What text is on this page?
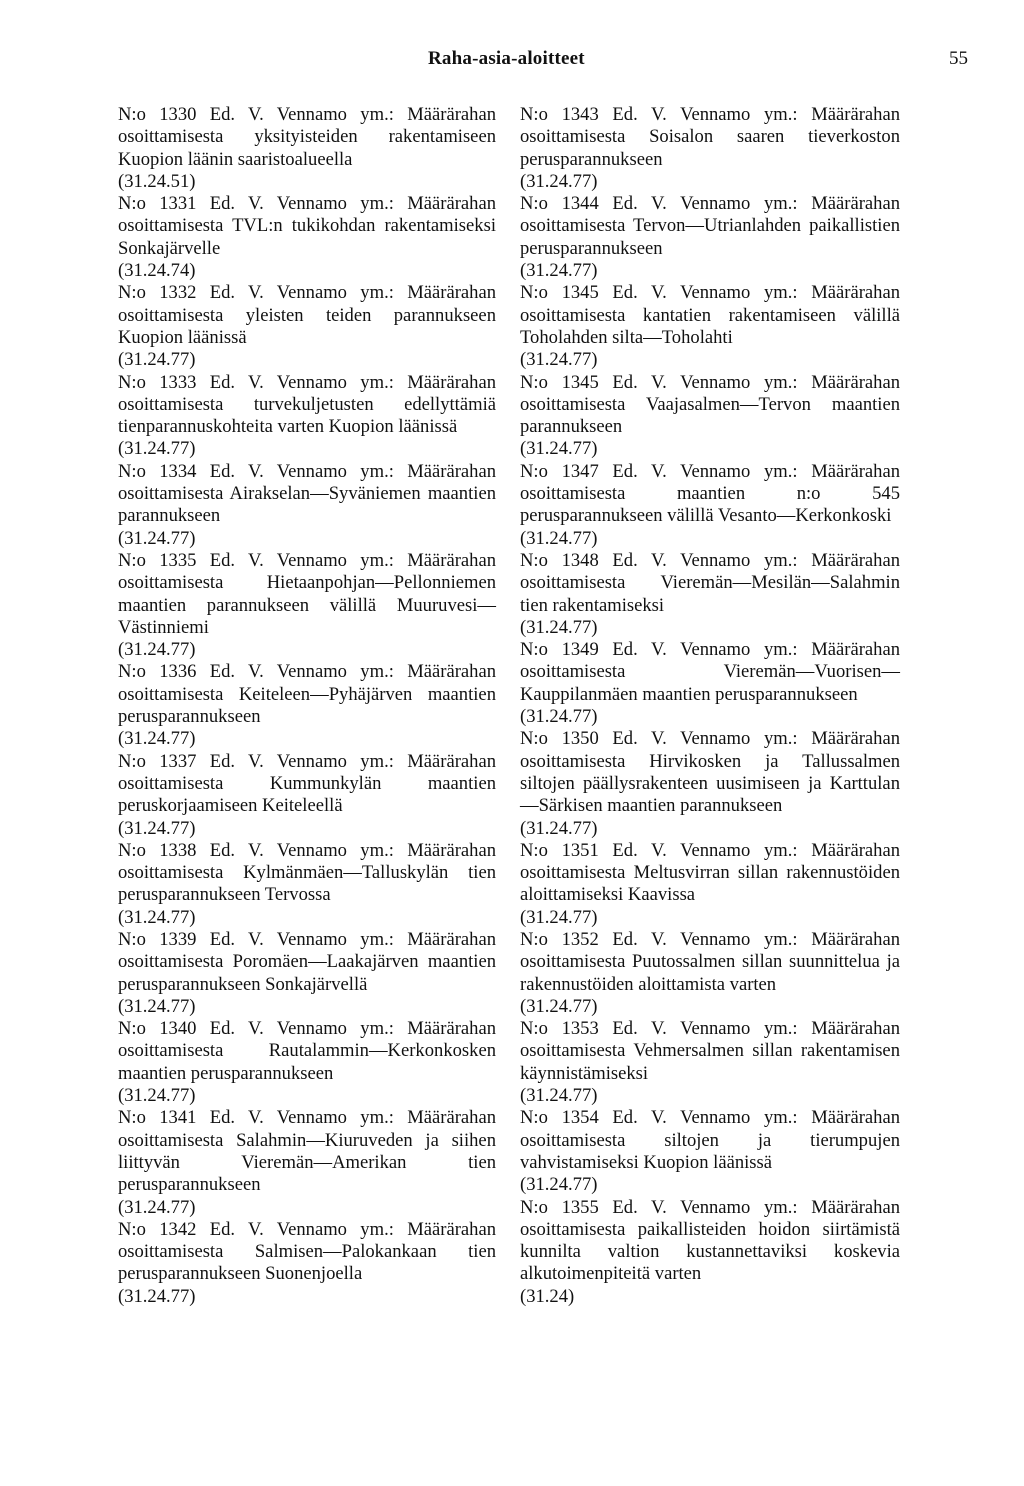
Raha-asia-aloitteet	55

N:o 1330 Ed. V. Vennamo ym.: Määrärahan osoittamisesta yksityisteiden rakentamiseen Kuopion läänin saaristoalueella

(31.24.51)

N:o 1331 Ed. V. Vennamo ym.: Määrärahan osoittamisesta TVL:n tukikohdan rakentamiseksi Sonkajärvelle

(31.24.74)

N:o 1332 Ed. V. Vennamo ym.: Määrärahan osoittamisesta yleisten teiden parannukseen Kuopion läänissä

(31.24.77)

N:o 1333 Ed. V. Vennamo ym.: Määrärahan osoittamisesta turvekuljetusten edellyttämiä tienparannuskohteita varten Kuopion läänissä

(31.24.77)

N:o 1334 Ed. V. Vennamo ym.: Määrärahan osoittamisesta Airakselan—Syväniemen maantien parannukseen

(31.24.77)

N:o 1335 Ed. V. Vennamo ym.: Määrärahan osoittamisesta Hietaanpohjan—Pellonniemen maantien parannukseen välillä Muuruvesi—Västinniemi

(31.24.77)

N:o 1336 Ed. V. Vennamo ym.: Määrärahan osoittamisesta Keiteleen—Pyhäjärven maantien perusparannukseen

(31.24.77)

N:o 1337 Ed. V. Vennamo ym.: Määrärahan osoittamisesta Kummunkylän maantien peruskorjaamiseen Keiteleellä

(31.24.77)

N:o 1338 Ed. V. Vennamo ym.: Määrärahan osoittamisesta Kylmänmäen—Talluskylän tien perusparannukseen Tervossa

(31.24.77)

N:o 1339 Ed. V. Vennamo ym.: Määrärahan osoittamisesta Poromäen—Laakajärven maantien perusparannukseen Sonkajärvellä

(31.24.77)

N:o 1340 Ed. V. Vennamo ym.: Määrärahan osoittamisesta Rautalammin—Kerkonkosken maantien perusparannukseen

(31.24.77)

N:o 1341 Ed. V. Vennamo ym.: Määrärahan osoittamisesta Salahmin—Kiuruveden ja siihen liittyvän Vieremän—Amerikan tien perusparannukseen

(31.24.77)

N:o 1342 Ed. V. Vennamo ym.: Määrärahan osoittamisesta Salmisen—Palokankaan tien perusparannukseen Suonenjoella

(31.24.77)

N:o 1343 Ed. V. Vennamo ym.: Määrärahan osoittamisesta Soisalon saaren tieverkoston perusparannukseen

(31.24.77)

N:o 1344 Ed. V. Vennamo ym.: Määrärahan osoittamisesta Tervon—Utrianlahden paikallistien perusparannukseen

(31.24.77)

N:o 1345 Ed. V. Vennamo ym.: Määrärahan osoittamisesta kantatien rakentamiseen välillä Toholahden silta—Toholahti

(31.24.77)

N:o 1345 Ed. V. Vennamo ym.: Määrärahan osoittamisesta Vaajasalmen—Tervon maantien parannukseen

(31.24.77)

N:o 1347 Ed. V. Vennamo ym.: Määrärahan osoittamisesta maantien n:o 545 perusparannukseen välillä Vesanto—Kerkonkoski

(31.24.77)

N:o 1348 Ed. V. Vennamo ym.: Määrärahan osoittamisesta Vieremän—Mesilän—Salahmin tien rakentamiseksi

(31.24.77)

N:o 1349 Ed. V. Vennamo ym.: Määrärahan osoittamisesta Vieremän—Vuorisen—Kauppilanmäen maantien perusparannukseen

(31.24.77)

N:o 1350 Ed. V. Vennamo ym.: Määrärahan osoittamisesta Hirvikosken ja Tallussalmen siltojen päällysrakenteen uusimiseen ja Karttulan—Särkisen maantien parannukseen

(31.24.77)

N:o 1351 Ed. V. Vennamo ym.: Määrärahan osoittamisesta Meltusvirran sillan rakennustöiden aloittamiseksi Kaavissa

(31.24.77)

N:o 1352 Ed. V. Vennamo ym.: Määrärahan osoittamisesta Puutossalmen sillan suunnittelua ja rakennustöiden aloittamista varten

(31.24.77)

N:o 1353 Ed. V. Vennamo ym.: Määrärahan osoittamisesta Vehmersalmen sillan rakentamisen käynnistämiseksi

(31.24.77)

N:o 1354 Ed. V. Vennamo ym.: Määrärahan osoittamisesta siltojen ja tierumpujen vahvistamiseksi Kuopion läänissä

(31.24.77)

N:o 1355 Ed. V. Vennamo ym.: Määrärahan osoittamisesta paikallisteiden hoidon siirtämistä kunnilta valtion kustannettaviksi koskevia alkutoimenpiteitä varten

(31.24)
